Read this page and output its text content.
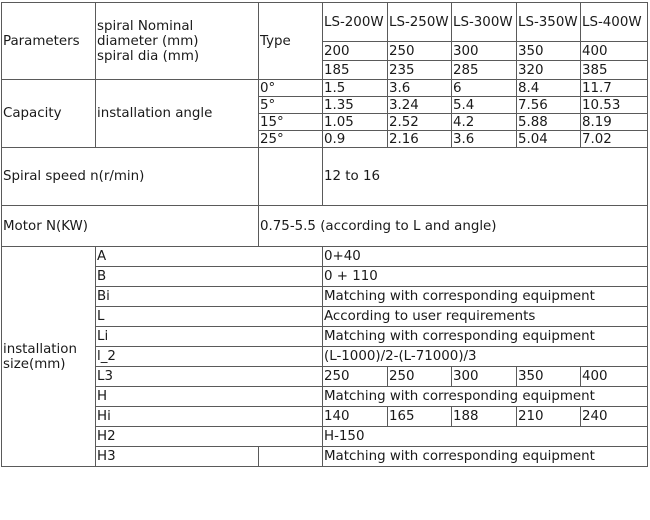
Parameters	spiral Nominal
diameter (mm)
spiral dia (mm)	Type	LS-200W	LS-250W	LS-300W	LS-350W	LS-400W
			200	250	300	350	400
			185	235	285	320	385
Capacity	installation angle	0°	1.5	3.6	6	8.4	11.7
		5°	1.35	3.24	5.4	7.56	10.53
		15°	1.05	2.52	4.2	5.88	8.19
		25°	0.9	2.16	3.6	5.04	7.02
Spiral speed n(r/min)			12 to 16				
Motor N(KW)		0.75-5.5 (according to L and angle)					
installation
size(mm)	A		0+40				
	B		0 + 110				
	Bi		Matching with corresponding equipment				
	L		According to user requirements				
	Li		Matching with corresponding equipment				
	l_2		(L-1000)/2-(L-71000)/3				
	L3		250	250	300	350	400
	H		Matching with corresponding equipment				
	Hi		140	165	188	210	240
	H2		H-150				
	H3		Matching with corresponding equipment				
